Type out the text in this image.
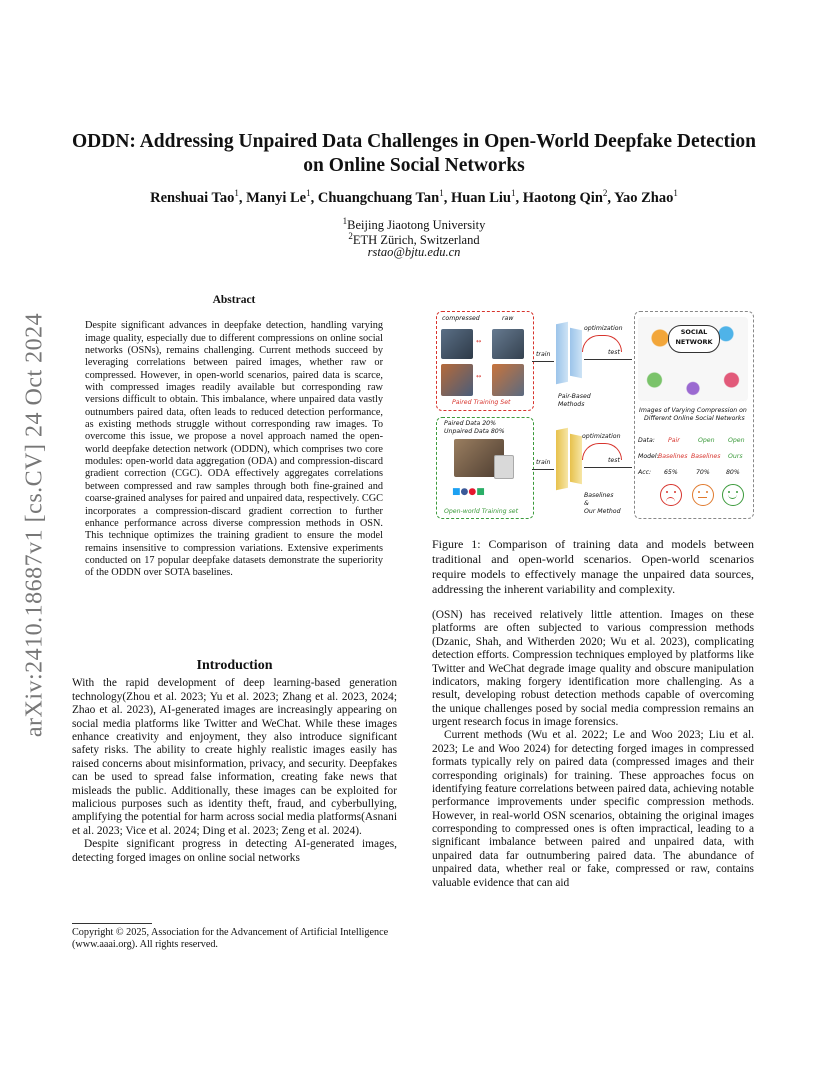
arXiv:2410.18687v1 [cs.CV] 24 Oct 2024
ODDN: Addressing Unpaired Data Challenges in Open-World Deepfake Detection
on Online Social Networks
Renshuai Tao$^1$, Manyi Le$^1$, Chuangchuang Tan$^1$, Huan Liu$^1$, Haotong Qin$^2$, Yao Zhao$^1$
$^1$Beijing Jiaotong University
$^2$ETH Zürich, Switzerland
rstao@bjtu.edu.cn

Abstract

Despite significant advances in deepfake detection, handling varying image quality, especially due to different compressions on online social networks (OSNs), remains challenging. Current methods succeed by leveraging correlations between paired images, whether raw or compressed. However, in open-world scenarios, paired data is scarce, with compressed images readily available but corresponding raw versions difficult to obtain. This imbalance, where unpaired data vastly outnumbers paired data, often leads to reduced detection performance, as existing methods struggle without corresponding raw images. To overcome this issue, we propose a novel approach named the open-world deepfake detection network (ODDN), which comprises two core modules: open-world data aggregation (ODA) and compression-discard gradient correction (CGC). ODA effectively aggregates correlations between compressed and raw samples through both fine-grained and coarse-grained analyses for paired and unpaired data, respectively. CGC incorporates a compression-discard gradient correction to further enhance performance across diverse compression methods in OSN. This technique optimizes the training gradient to ensure the model remains insensitive to compression variations. Extensive experiments conducted on 17 popular deepfake datasets demonstrate the superiority of the ODDN over SOTA baselines.

Introduction

With the rapid development of deep learning-based generation technology(Zhou et al. 2023; Yu et al. 2023; Zhang et al. 2023, 2024; Zhao et al. 2023), AI-generated images are increasingly appearing on social media platforms like Twitter and WeChat. While these images enhance creativity and enjoyment, they also introduce significant safety risks. The ability to create highly realistic images easily has raised concerns about misinformation, privacy, and security. Deepfakes can be used to spread false information, creating fake news that misleads the public. Additionally, these images can be exploited for malicious purposes such as identity theft, fraud, and cyberbullying, amplifying the potential for harm across social media platforms(Asnani et al. 2023; Vice et al. 2024; Ding et al. 2023; Zeng et al. 2024).

Despite significant progress in detecting AI-generated images, detecting forged images on online social networks

Copyright © 2025, Association for the Advancement of Artificial Intelligence (www.aaai.org). All rights reserved.
compressed	raw
↔
↔
Paired Training Set
Paired Data 20%
Unpaired Data 80%
■●●■
Open-world Training set
train
optimization
test
Pair-Based
Methods
train
optimization
test
Baselines
&
Our Method
SOCIAL
NETWORK
Images of Varying Compression on
Different Online Social Networks
Data: Pair	Open Open
Model: Baselines Baselines Ours
Acc: 65%	70%	80%
Figure 1: Comparison of training data and models between traditional and open-world scenarios. Open-world scenarios require models to effectively manage the unpaired data sources, addressing the inherent variability and complexity.

(OSN) has received relatively little attention. Images on these platforms are often subjected to various compression methods (Dzanic, Shah, and Witherden 2020; Wu et al. 2023), complicating detection efforts. Compression techniques employed by platforms like Twitter and WeChat degrade image quality and obscure manipulation indicators, making forgery identification more challenging. As a result, developing robust detection methods capable of overcoming the unique challenges posed by social media compression remains an urgent research focus in image forensics.

Current methods (Wu et al. 2022; Le and Woo 2023; Liu et al. 2023; Le and Woo 2024) for detecting forged images in compressed formats typically rely on paired data (compressed images and their corresponding originals) for training. These approaches focus on identifying feature correlations between paired data, achieving notable performance improvements under specific compression methods. However, in real-world OSN scenarios, obtaining the original images corresponding to compressed ones is often impractical, leading to a significant imbalance between paired and unpaired data, with unpaired data far outnumbering paired data. The abundance of unpaired data, whether real or fake, compressed or raw, contains valuable evidence that can aid
